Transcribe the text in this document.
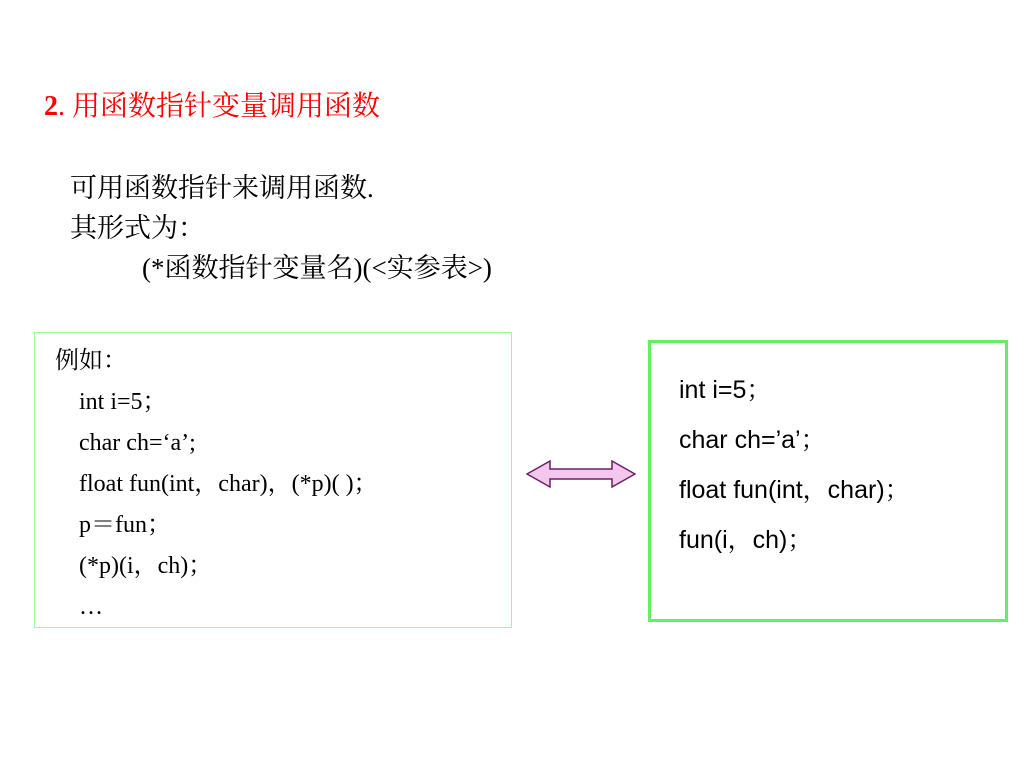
2. 用函数指针变量调用函数
可用函数指针来调用函数.
其形式为：
(*函数指针变量名)(<实参表>)
例如：
int i=5；
char ch=‘a’;
float fun(int，char)，(*p)( )；
p＝fun；
(*p)(i，ch)；
…
int i=5；
char ch=’a’；
float fun(int，char)；
fun(i，ch)；
